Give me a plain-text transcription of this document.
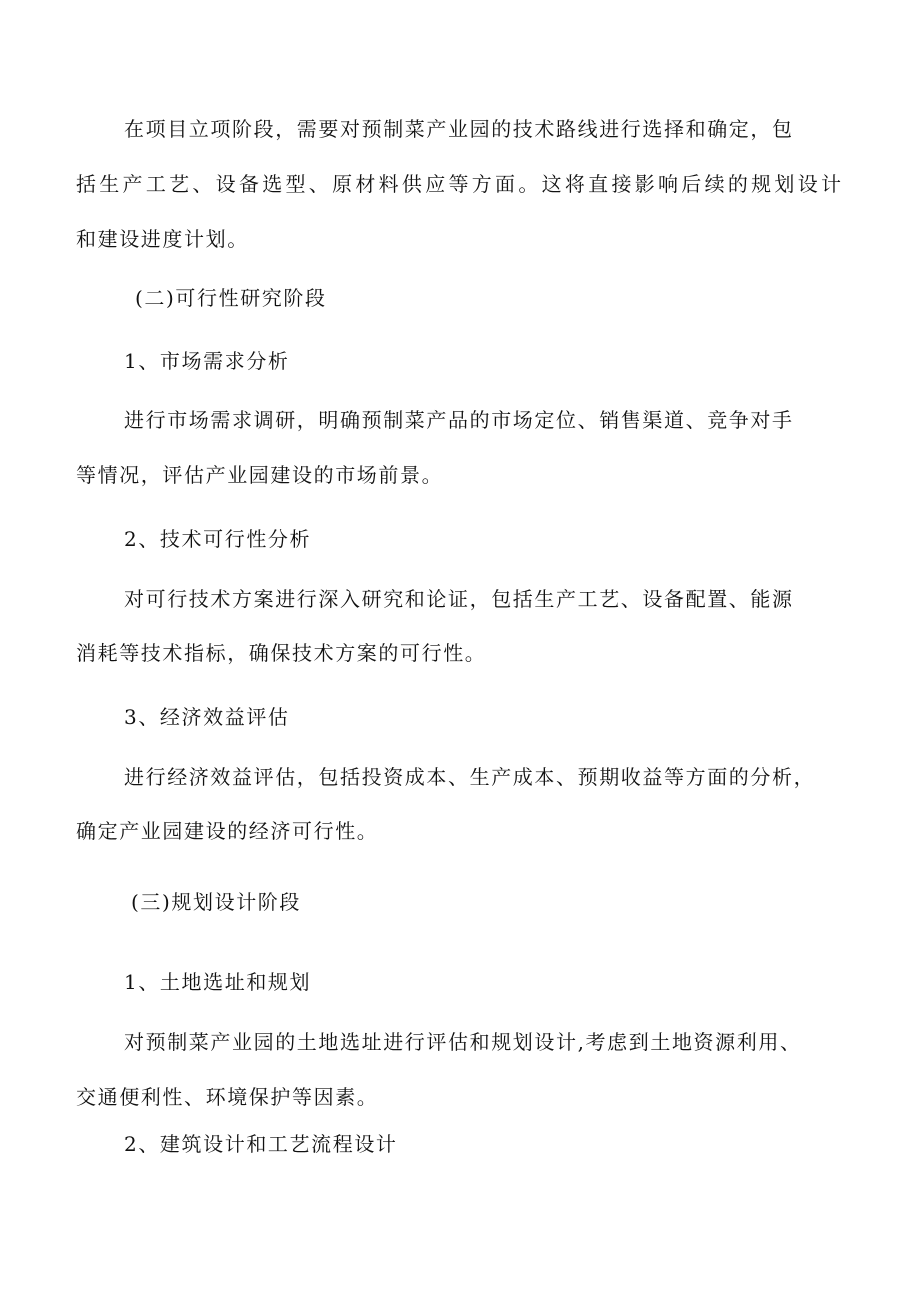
在项目立项阶段，需要对预制菜产业园的技术路线进行选择和确定，包
括生产工艺、设备选型、原材料供应等方面。这将直接影响后续的规划设计
和建设进度计划。
(二)可行性研究阶段
1、市场需求分析
进行市场需求调研，明确预制菜产品的市场定位、销售渠道、竞争对手
等情况，评估产业园建设的市场前景。
2、技术可行性分析
对可行技术方案进行深入研究和论证，包括生产工艺、设备配置、能源
消耗等技术指标，确保技术方案的可行性。
3、经济效益评估
进行经济效益评估，包括投资成本、生产成本、预期收益等方面的分析，
确定产业园建设的经济可行性。
(三)规划设计阶段
1、土地选址和规划
对预制菜产业园的土地选址进行评估和规划设计,考虑到土地资源利用、
交通便利性、环境保护等因素。
2、建筑设计和工艺流程设计
